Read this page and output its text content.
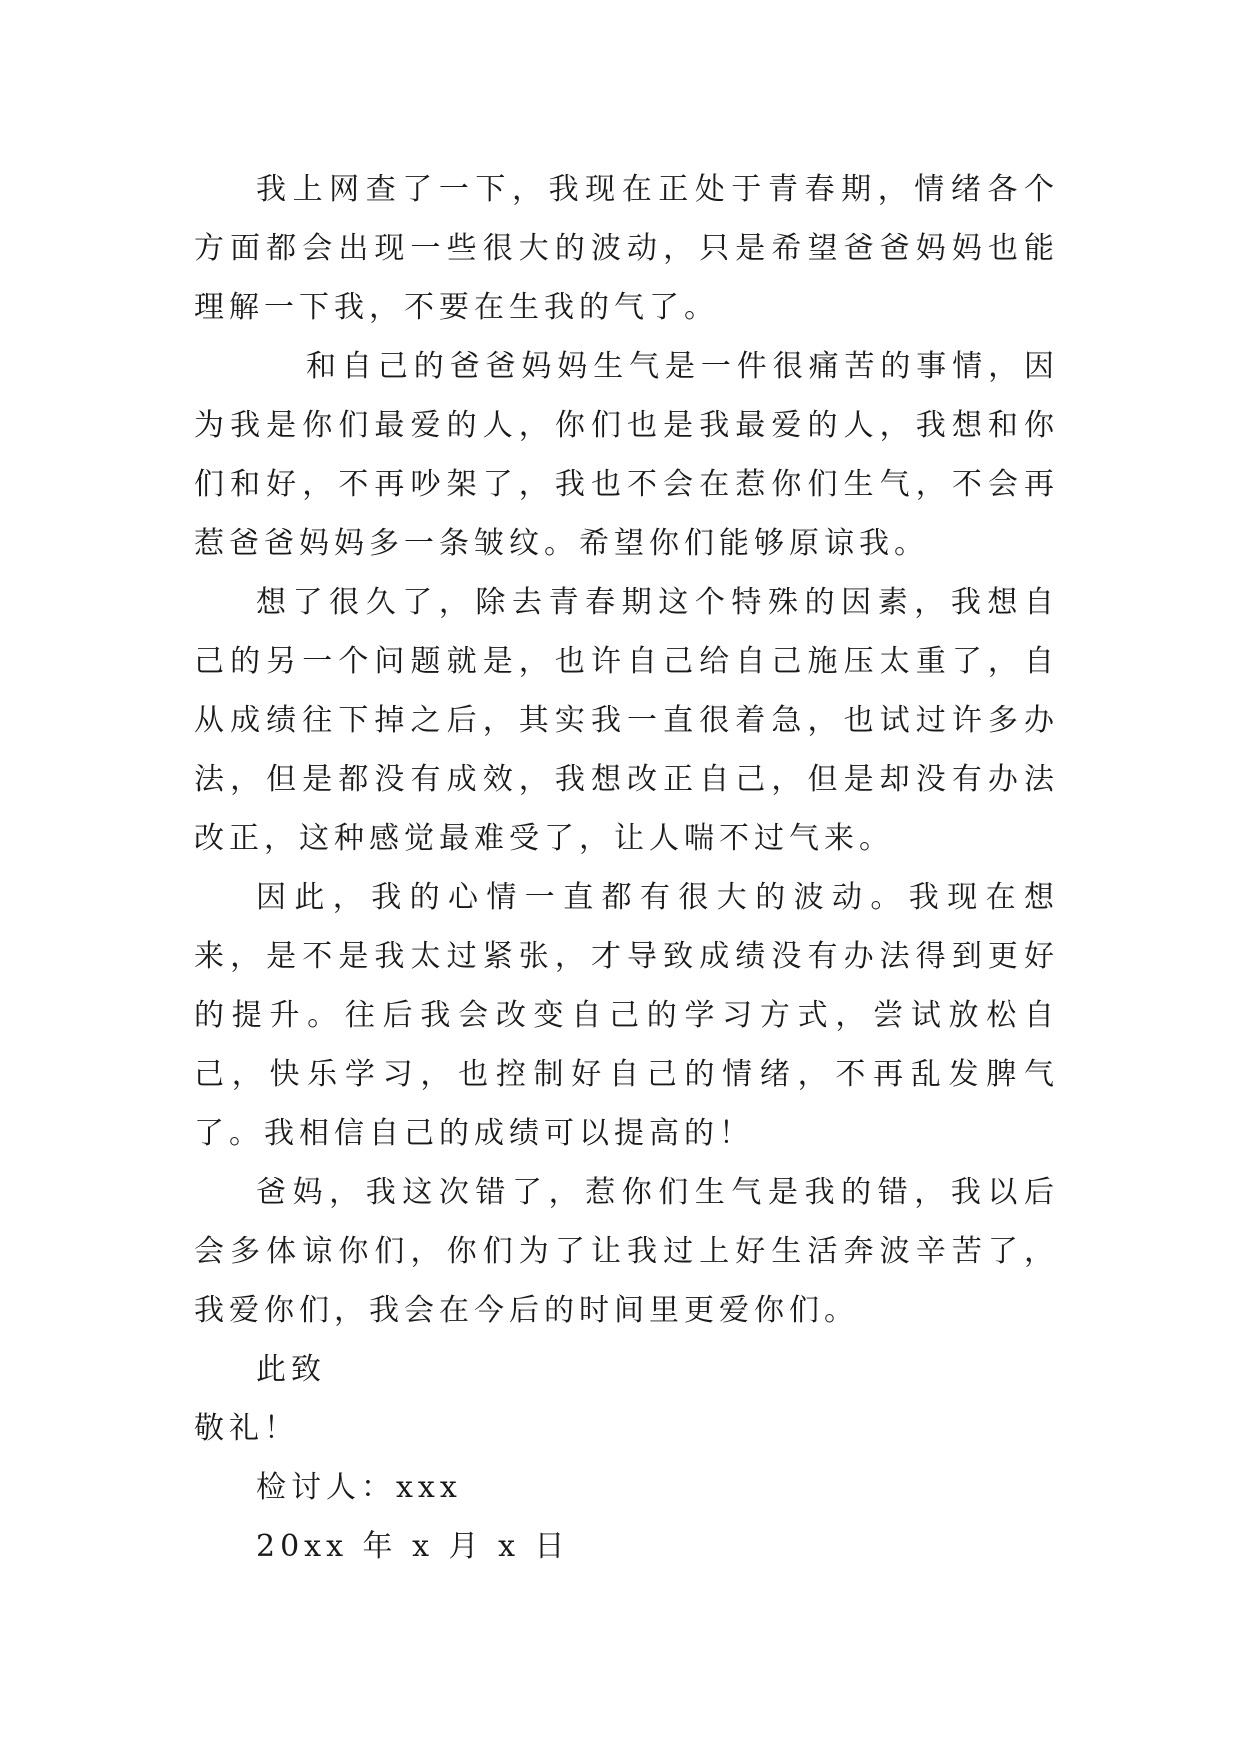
我上网查了一下，我现在正处于青春期，情绪各个方面都会出现一些很大的波动，只是希望爸爸妈妈也能理解一下我，不要在生我的气了。

和自己的爸爸妈妈生气是一件很痛苦的事情，因为我是你们最爱的人，你们也是我最爱的人，我想和你们和好，不再吵架了，我也不会在惹你们生气，不会再惹爸爸妈妈多一条皱纹。希望你们能够原谅我。

想了很久了，除去青春期这个特殊的因素，我想自己的另一个问题就是，也许自己给自己施压太重了，自从成绩往下掉之后，其实我一直很着急，也试过许多办法，但是都没有成效，我想改正自己，但是却没有办法改正，这种感觉最难受了，让人喘不过气来。

因此，我的心情一直都有很大的波动。我现在想来，是不是我太过紧张，才导致成绩没有办法得到更好的提升。往后我会改变自己的学习方式，尝试放松自己，快乐学习，也控制好自己的情绪，不再乱发脾气了。我相信自己的成绩可以提高的！

爸妈，我这次错了，惹你们生气是我的错，我以后会多体谅你们，你们为了让我过上好生活奔波辛苦了，我爱你们，我会在今后的时间里更爱你们。

此致

敬礼！

检讨人：xxx

20xx 年 x 月 x 日
